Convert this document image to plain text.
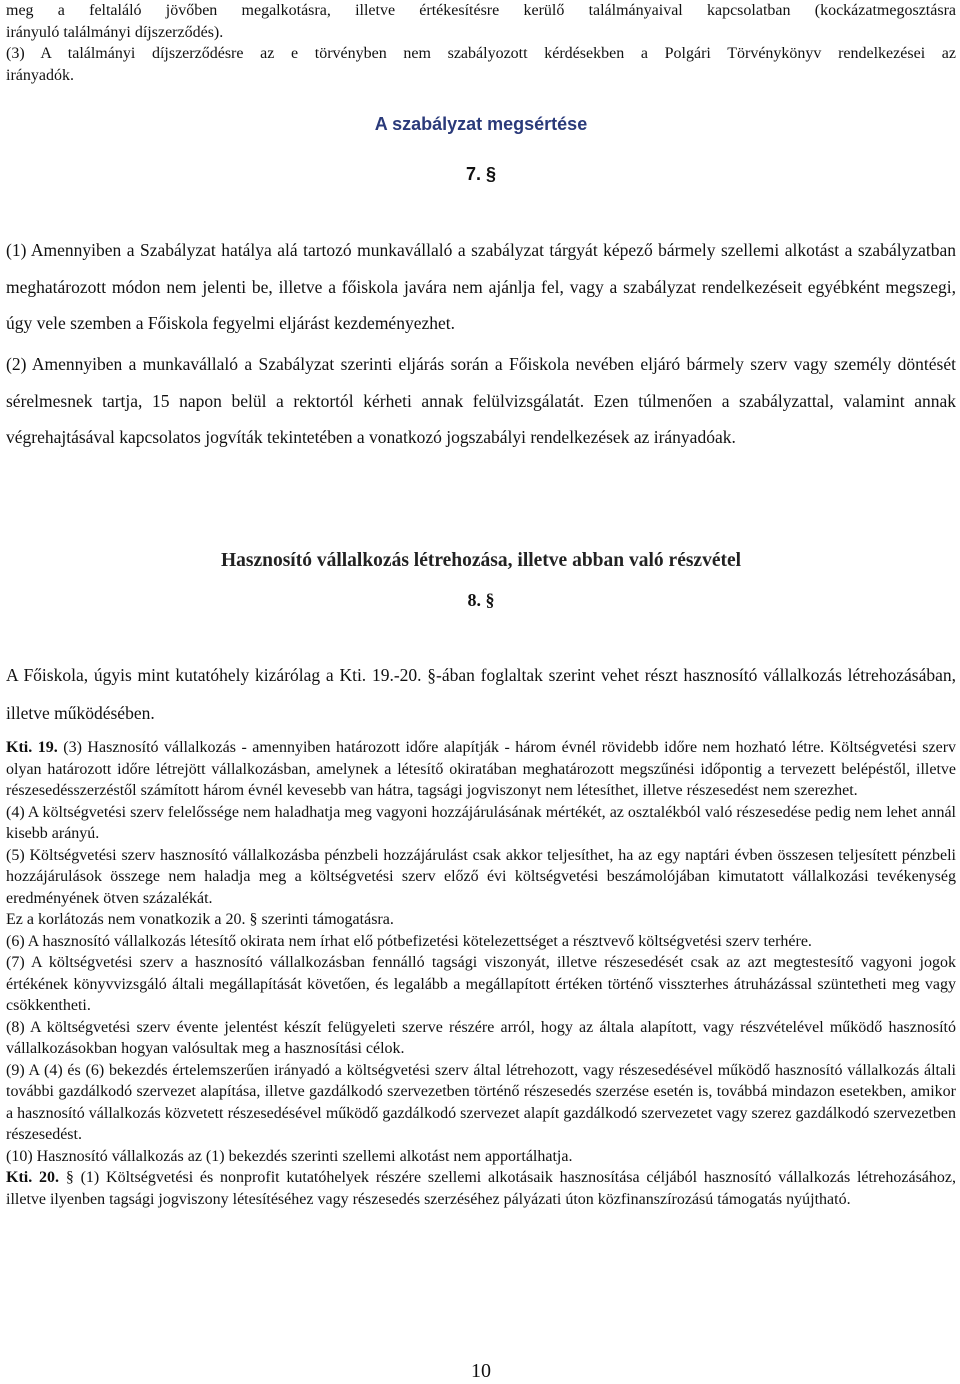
meg a feltaláló jövőben megalkotásra, illetve értékesítésre kerülő találmányaival kapcsolatban (kockázatmegosztásra
irányuló találmányi díjszerződés).

(3) A találmányi díjszerződésre az e törvényben nem szabályozott kérdésekben a Polgári Törvénykönyv rendelkezései az
irányadók.

A szabályzat megsértése
7. §

(1) Amennyiben a Szabályzat hatálya alá tartozó munkavállaló a szabályzat tárgyát képező bármely szellemi alkotást a szabályzatban meghatározott módon nem jelenti be, illetve a főiskola javára nem ajánlja fel, vagy a szabályzat rendelkezéseit egyébként megszegi, úgy vele szemben a Főiskola fegyelmi eljárást kezdeményezhet.

(2) Amennyiben a munkavállaló a Szabályzat szerinti eljárás során a Főiskola nevében eljáró bármely szerv vagy személy döntését sérelmesnek tartja, 15 napon belül a rektortól kérheti annak felülvizsgálatát. Ezen túlmenően a szabályzattal, valamint annak végrehajtásával kapcsolatos jogvíták tekintetében a vonatkozó jogszabályi rendelkezések az irányadóak.

Hasznosító vállalkozás létrehozása, illetve abban való részvétel
8. §

A Főiskola, úgyis mint kutatóhely kizárólag a Kti. 19.-20. §-ában foglaltak szerint vehet részt hasznosító vállalkozás létrehozásában, illetve működésében.

Kti. 19. (3) Hasznosító vállalkozás - amennyiben határozott időre alapítják - három évnél rövidebb időre nem hozható létre. Költségvetési szerv olyan határozott időre létrejött vállalkozásban, amelynek a létesítő okiratában meghatározott megszűnési időpontig a tervezett belépéstől, illetve részesedésszerzéstől számított három évnél kevesebb van hátra, tagsági jogviszonyt nem létesíthet, illetve részesedést nem szerezhet.

(4) A költségvetési szerv felelőssége nem haladhatja meg vagyoni hozzájárulásának mértékét, az osztalékból való részesedése pedig nem lehet annál kisebb arányú.

(5) Költségvetési szerv hasznosító vállalkozásba pénzbeli hozzájárulást csak akkor teljesíthet, ha az egy naptári évben összesen teljesített pénzbeli hozzájárulások összege nem haladja meg a költségvetési szerv előző évi költségvetési beszámolójában kimutatott vállalkozási tevékenység eredményének ötven százalékát.

Ez a korlátozás nem vonatkozik a 20. § szerinti támogatásra.

(6) A hasznosító vállalkozás létesítő okirata nem írhat elő pótbefizetési kötelezettséget a résztvevő költségvetési szerv terhére.

(7) A költségvetési szerv a hasznosító vállalkozásban fennálló tagsági viszonyát, illetve részesedését csak az azt megtestesítő vagyoni jogok értékének könyvvizsgáló általi megállapítását követően, és legalább a megállapított értéken történő visszterhes átruházással szüntetheti meg vagy csökkentheti.

(8) A költségvetési szerv évente jelentést készít felügyeleti szerve részére arról, hogy az általa alapított, vagy részvételével működő hasznosító vállalkozásokban hogyan valósultak meg a hasznosítási célok.

(9) A (4) és (6) bekezdés értelemszerűen irányadó a költségvetési szerv által létrehozott, vagy részesedésével működő hasznosító vállalkozás általi további gazdálkodó szervezet alapítása, illetve gazdálkodó szervezetben történő részesedés szerzése esetén is, továbbá mindazon esetekben, amikor a hasznosító vállalkozás közvetett részesedésével működő gazdálkodó szervezet alapít gazdálkodó szervezetet vagy szerez gazdálkodó szervezetben részesedést.

(10) Hasznosító vállalkozás az (1) bekezdés szerinti szellemi alkotást nem apportálhatja.

Kti. 20. § (1) Költségvetési és nonprofit kutatóhelyek részére szellemi alkotásaik hasznosítása céljából hasznosító vállalkozás létrehozásához, illetve ilyenben tagsági jogviszony létesítéséhez vagy részesedés szerzéséhez pályázati úton közfinanszírozású támogatás nyújtható.

10
